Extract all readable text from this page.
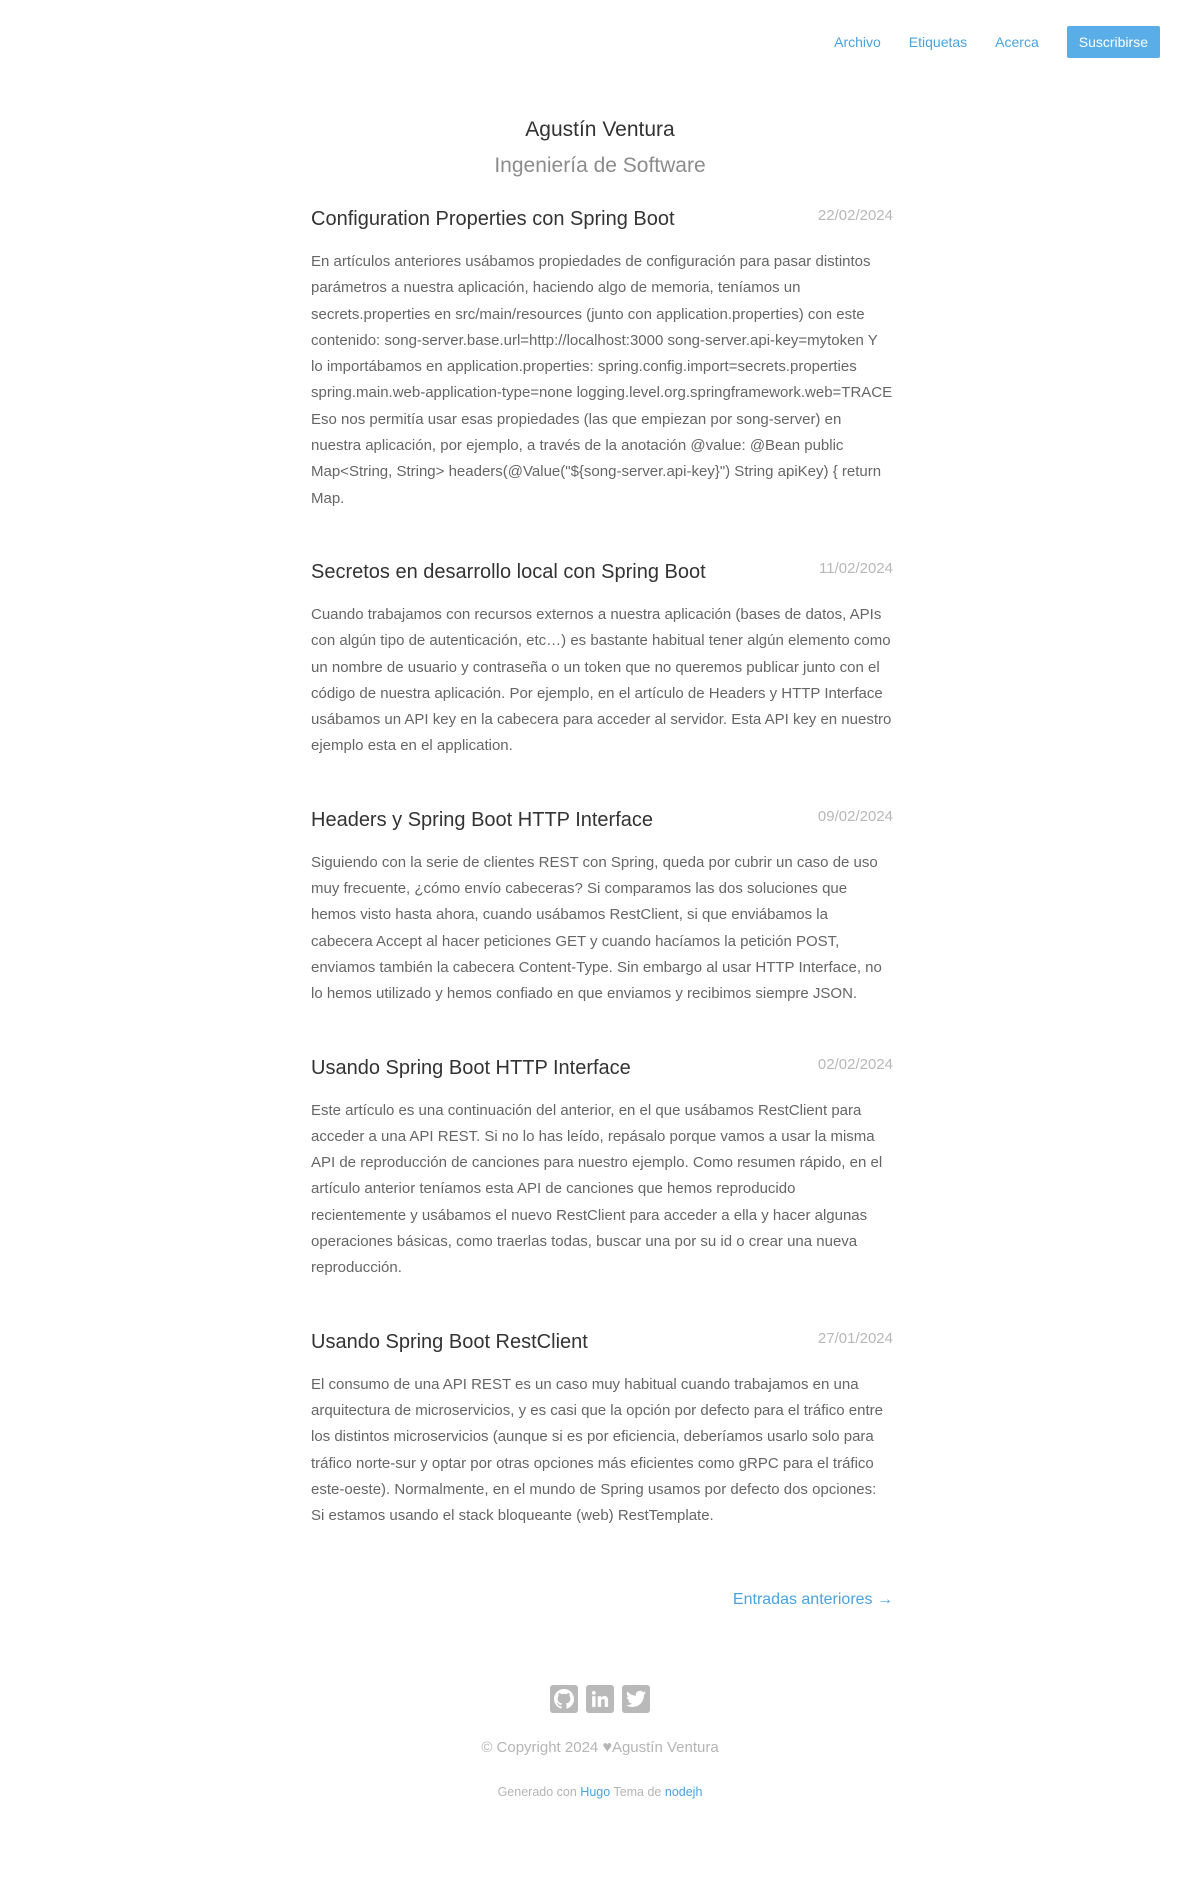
Archivo Etiquetas Acerca	Suscribirse
Agustín Ventura
Ingeniería de Software
Configuration Properties con Spring Boot	22/02/2024
En artículos anteriores usábamos propiedades de configuración para pasar distintos parámetros a nuestra aplicación, haciendo algo de memoria, teníamos un secrets.properties en src/main/resources (junto con application.properties) con este contenido: song-server.base.url=http://localhost:3000 song-server.api-key=mytoken Y lo importábamos en application.properties: spring.config.import=secrets.properties spring.main.web-application-type=none logging.level.org.springframework.web=TRACE Eso nos permitía usar esas propiedades (las que empiezan por song-server) en nuestra aplicación, por ejemplo, a través de la anotación @value: @Bean public Map<String, String> headers(@Value("${song-server.api-key}") String apiKey) { return Map.
Secretos en desarrollo local con Spring Boot	11/02/2024
Cuando trabajamos con recursos externos a nuestra aplicación (bases de datos, APIs con algún tipo de autenticación, etc…) es bastante habitual tener algún elemento como un nombre de usuario y contraseña o un token que no queremos publicar junto con el código de nuestra aplicación. Por ejemplo, en el artículo de Headers y HTTP Interface usábamos un API key en la cabecera para acceder al servidor. Esta API key en nuestro ejemplo esta en el application.
Headers y Spring Boot HTTP Interface	09/02/2024
Siguiendo con la serie de clientes REST con Spring, queda por cubrir un caso de uso muy frecuente, ¿cómo envío cabeceras? Si comparamos las dos soluciones que hemos visto hasta ahora, cuando usábamos RestClient, si que enviábamos la cabecera Accept al hacer peticiones GET y cuando hacíamos la petición POST, enviamos también la cabecera Content-Type. Sin embargo al usar HTTP Interface, no lo hemos utilizado y hemos confiado en que enviamos y recibimos siempre JSON.
Usando Spring Boot HTTP Interface	02/02/2024
Este artículo es una continuación del anterior, en el que usábamos RestClient para acceder a una API REST. Si no lo has leído, repásalo porque vamos a usar la misma API de reproducción de canciones para nuestro ejemplo. Como resumen rápido, en el artículo anterior teníamos esta API de canciones que hemos reproducido recientemente y usábamos el nuevo RestClient para acceder a ella y hacer algunas operaciones básicas, como traerlas todas, buscar una por su id o crear una nueva reproducción.
Usando Spring Boot RestClient	27/01/2024
El consumo de una API REST es un caso muy habitual cuando trabajamos en una arquitectura de microservicios, y es casi que la opción por defecto para el tráfico entre los distintos microservicios (aunque si es por eficiencia, deberíamos usarlo solo para tráfico norte-sur y optar por otras opciones más eficientes como gRPC para el tráfico este-oeste). Normalmente, en el mundo de Spring usamos por defecto dos opciones: Si estamos usando el stack bloqueante (web) RestTemplate.
Entradas anteriores →
© Copyright 2024 ♥Agustín Ventura
Generado con Hugo Tema de nodejh
